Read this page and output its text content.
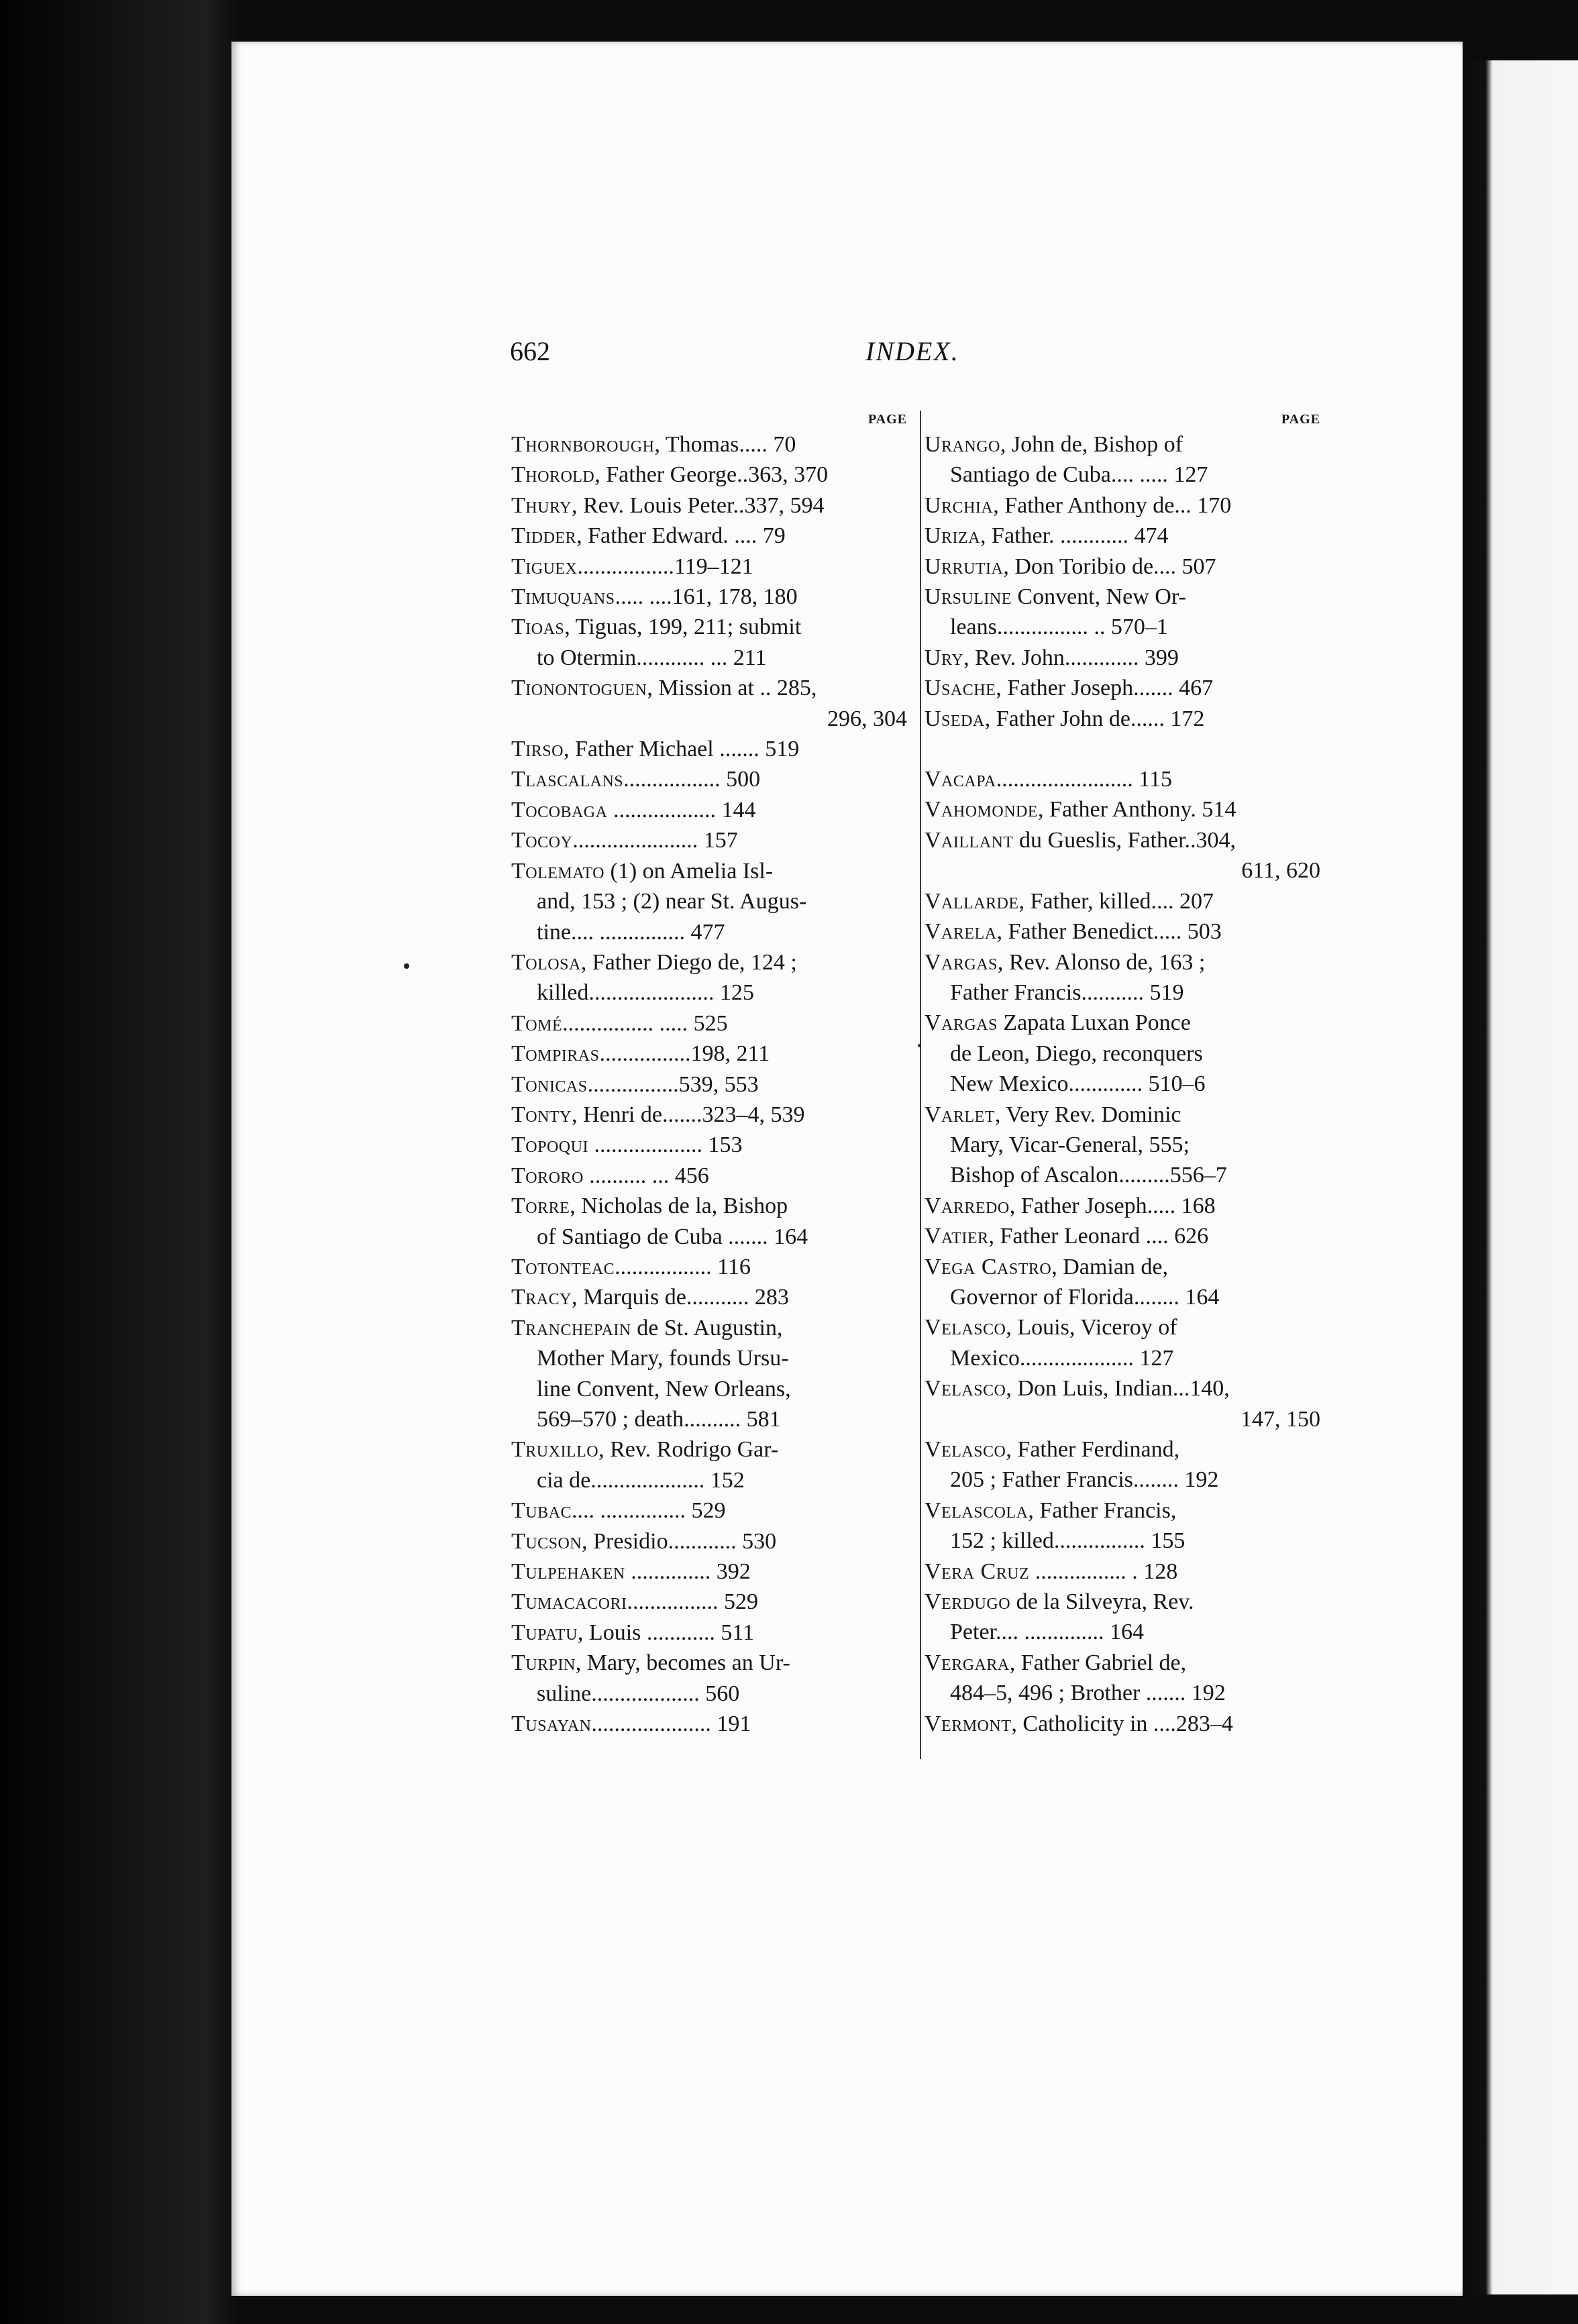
662	INDEX.
PAGE
Thornborough, Thomas..... 70
Thorold, Father George..363, 370
Thury, Rev. Louis Peter..337, 594
Tidder, Father Edward. .... 79
Tiguex.................119–121
Timuquans..... ....161, 178, 180
Tioas, Tiguas, 199, 211; submit
to Otermin............ ... 211
Tionontoguen, Mission at .. 285,
296, 304
Tirso, Father Michael ....... 519
Tlascalans................. 500
Tocobaga .................. 144
Tocoy...................... 157
Tolemato (1) on Amelia Isl-
and, 153 ; (2) near St. Augus-
tine.... ............... 477
Tolosa, Father Diego de, 124 ;
killed...................... 125
Tomé................ ..... 525
Tompiras................198, 211
Tonicas................539, 553
Tonty, Henri de.......323–4, 539
Topoqui ................... 153
Tororo .......... ... 456
Torre, Nicholas de la, Bishop
of Santiago de Cuba ....... 164
Totonteac................. 116
Tracy, Marquis de........... 283
Tranchepain de St. Augustin,
Mother Mary, founds Ursu-
line Convent, New Orleans,
569–570 ; death.......... 581
Truxillo, Rev. Rodrigo Gar-
cia de.................... 152
Tubac.... ............... 529
Tucson, Presidio............ 530
Tulpehaken .............. 392
Tumacacori................ 529
Tupatu, Louis ............ 511
Turpin, Mary, becomes an Ur-
suline................... 560
Tusayan..................... 191
PAGE
Urango, John de, Bishop of
Santiago de Cuba.... ..... 127
Urchia, Father Anthony de... 170
Uriza, Father. ............ 474
Urrutia, Don Toribio de.... 507
Ursuline Convent, New Or-
leans................ .. 570–1
Ury, Rev. John............. 399
Usache, Father Joseph....... 467
Useda, Father John de...... 172
Vacapa........................ 115
Vahomonde, Father Anthony. 514
Vaillant du Gueslis, Father..304,
611, 620
Vallarde, Father, killed.... 207
Varela, Father Benedict..... 503
Vargas, Rev. Alonso de, 163 ;
Father Francis........... 519
Vargas Zapata Luxan Ponce
de Leon, Diego, reconquers
New Mexico............. 510–6
Varlet, Very Rev. Dominic
Mary, Vicar-General, 555;
Bishop of Ascalon.........556–7
Varredo, Father Joseph..... 168
Vatier, Father Leonard .... 626
Vega Castro, Damian de,
Governor of Florida........ 164
Velasco, Louis, Viceroy of
Mexico.................... 127
Velasco, Don Luis, Indian...140,
147, 150
Velasco, Father Ferdinand,
205 ; Father Francis........ 192
Velascola, Father Francis,
152 ; killed................ 155
Vera Cruz ................ . 128
Verdugo de la Silveyra, Rev.
Peter.... .............. 164
Vergara, Father Gabriel de,
484–5, 496 ; Brother ....... 192
Vermont, Catholicity in ....283–4
